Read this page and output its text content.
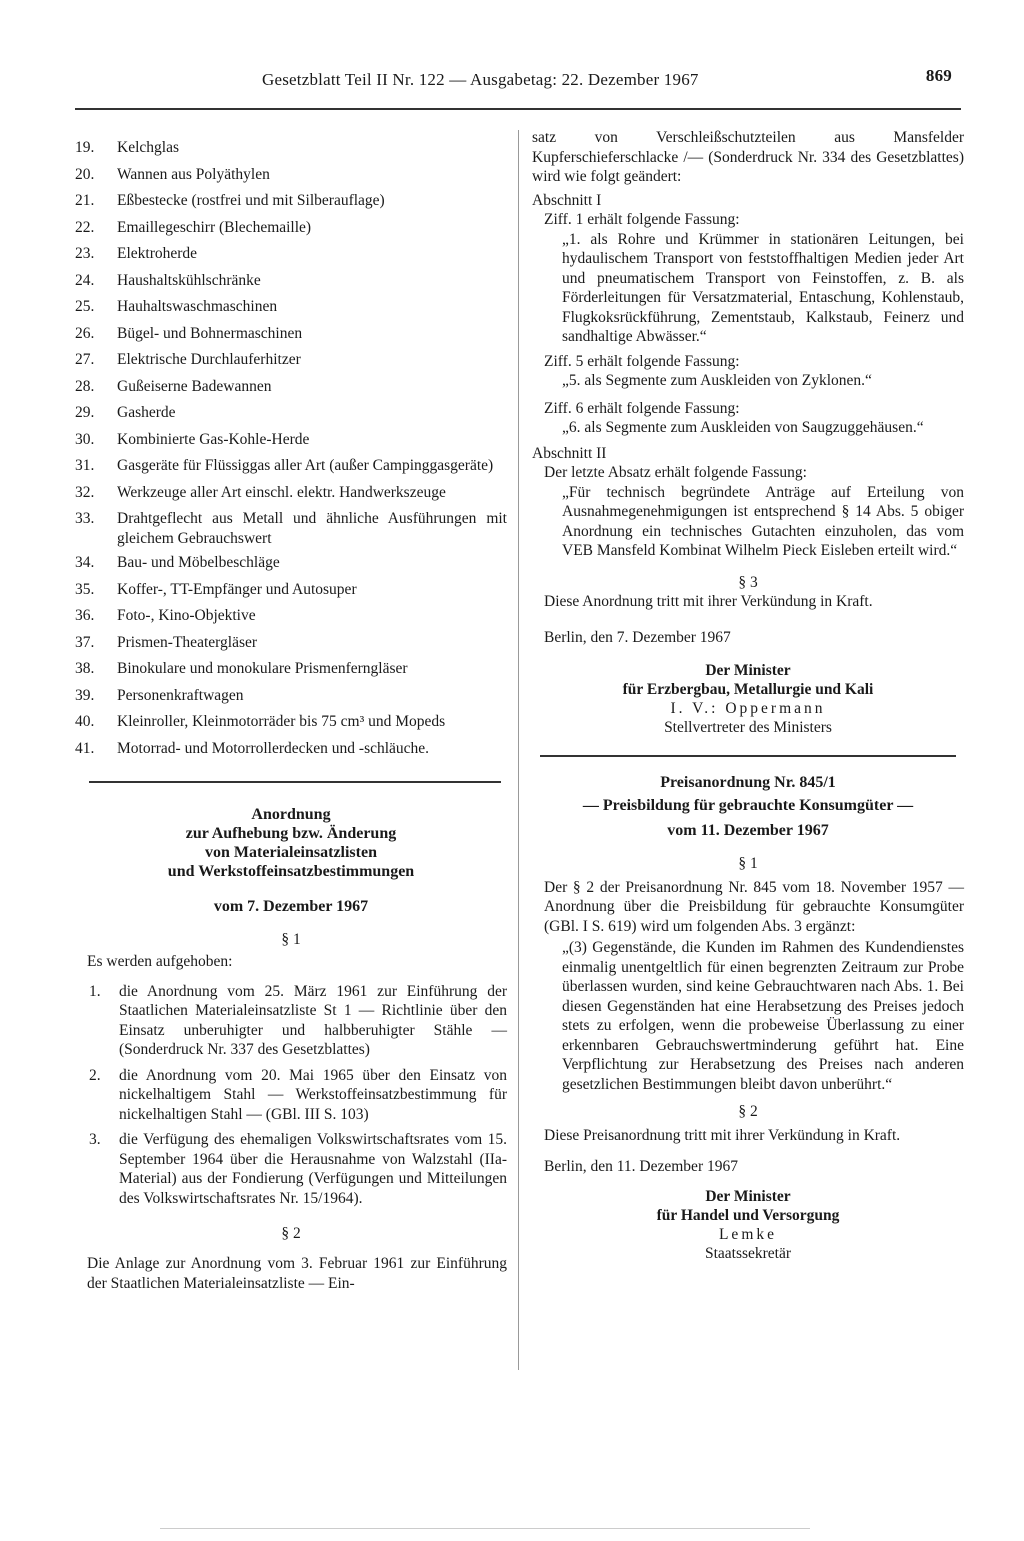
Gesetzblatt Teil II Nr. 122 — Ausgabetag: 22. Dezember 1967	869
19.	Kelchglas
20.	Wannen aus Polyäthylen
21.	Eßbestecke (rostfrei und mit Silberauflage)
22.	Emaillegeschirr (Blechemaille)
23.	Elektroherde
24.	Haushaltskühlschränke
25.	Hauhaltswaschmaschinen
26.	Bügel- und Bohnermaschinen
27.	Elektrische Durchlauferhitzer
28.	Gußeiserne Badewannen
29.	Gasherde
30.	Kombinierte Gas-Kohle-Herde
31.	Gasgeräte für Flüssiggas aller Art (außer Campinggasgeräte)
32.	Werkzeuge aller Art einschl. elektr. Handwerkszeuge
33.	Drahtgeflecht aus Metall und ähnliche Ausführungen mit gleichem Gebrauchswert
34.	Bau- und Möbelbeschläge
35.	Koffer-, TT-Empfänger und Autosuper
36.	Foto-, Kino-Objektive
37.	Prismen-Theatergläser
38.	Binokulare und monokulare Prismenferngläser
39.	Personenkraftwagen
40.	Kleinroller, Kleinmotorräder bis 75 cm³ und Mopeds
41.	Motorrad- und Motorrollerdecken und -schläuche.
Anordnung
zur Aufhebung bzw. Änderung
von Materialeinsatzlisten
und Werkstoffeinsatzbestimmungen
vom 7. Dezember 1967
§ 1
Es werden aufgehoben:
1.	die Anordnung vom 25. März 1961 zur Einführung der Staatlichen Materialeinsatzliste St 1 — Richtlinie über den Einsatz unberuhigter und halbberuhigter Stähle — (Sonderdruck Nr. 337 des Gesetzblattes)
2.	die Anordnung vom 20. Mai 1965 über den Einsatz von nickelhaltigem Stahl — Werkstoffeinsatzbestimmung für nickelhaltigen Stahl — (GBl. III S. 103)
3.	die Verfügung des ehemaligen Volkswirtschaftsrates vom 15. September 1964 über die Herausnahme von Walzstahl (IIa-Material) aus der Fondierung (Verfügungen und Mitteilungen des Volkswirtschaftsrates Nr. 15/1964).
§ 2
Die Anlage zur Anordnung vom 3. Februar 1961 zur Einführung der Staatlichen Materialeinsatzliste — Ein-
satz von Verschleißschutzteilen aus Mansfelder Kupferschieferschlacke /— (Sonderdruck Nr. 334 des Gesetzblattes) wird wie folgt geändert:
Abschnitt I
Ziff. 1 erhält folgende Fassung:
„1. als Rohre und Krümmer in stationären Leitungen, bei hydaulischem Transport von feststoffhaltigen Medien jeder Art und pneumatischem Transport von Feinstoffen, z. B. als Förderleitungen für Versatzmaterial, Entaschung, Kohlenstaub, Flugkoksrückführung, Zementstaub, Kalkstaub, Feinerz und sandhaltige Abwässer.“
Ziff. 5 erhält folgende Fassung:
„5. als Segmente zum Auskleiden von Zyklonen.“
Ziff. 6 erhält folgende Fassung:
„6. als Segmente zum Auskleiden von Saugzuggehäusen.“
Abschnitt II
Der letzte Absatz erhält folgende Fassung:
„Für technisch begründete Anträge auf Erteilung von Ausnahmegenehmigungen ist entsprechend § 14 Abs. 5 obiger Anordnung ein technisches Gutachten einzuholen, das vom VEB Mansfeld Kombinat Wilhelm Pieck Eisleben erteilt wird.“
§ 3
Diese Anordnung tritt mit ihrer Verkündung in Kraft.
Berlin, den 7. Dezember 1967
Der Minister
für Erzbergbau, Metallurgie und Kali
I. V.: Oppermann
Stellvertreter des Ministers
Preisanordnung Nr. 845/1
— Preisbildung für gebrauchte Konsumgüter —
vom 11. Dezember 1967
§ 1
Der § 2 der Preisanordnung Nr. 845 vom 18. November 1957 — Anordnung über die Preisbildung für gebrauchte Konsumgüter (GBl. I S. 619) wird um folgenden Abs. 3 ergänzt:
„(3) Gegenstände, die Kunden im Rahmen des Kundendienstes einmalig unentgeltlich für einen begrenzten Zeitraum zur Probe überlassen wurden, sind keine Gebrauchtwaren nach Abs. 1. Bei diesen Gegenständen hat eine Herabsetzung des Preises jedoch stets zu erfolgen, wenn die probeweise Überlassung zu einer erkennbaren Gebrauchswertminderung geführt hat. Eine Verpflichtung zur Herabsetzung des Preises nach anderen gesetzlichen Bestimmungen bleibt davon unberührt.“
§ 2
Diese Preisanordnung tritt mit ihrer Verkündung in Kraft.
Berlin, den 11. Dezember 1967
Der Minister
für Handel und Versorgung
Lemke
Staatssekretär
